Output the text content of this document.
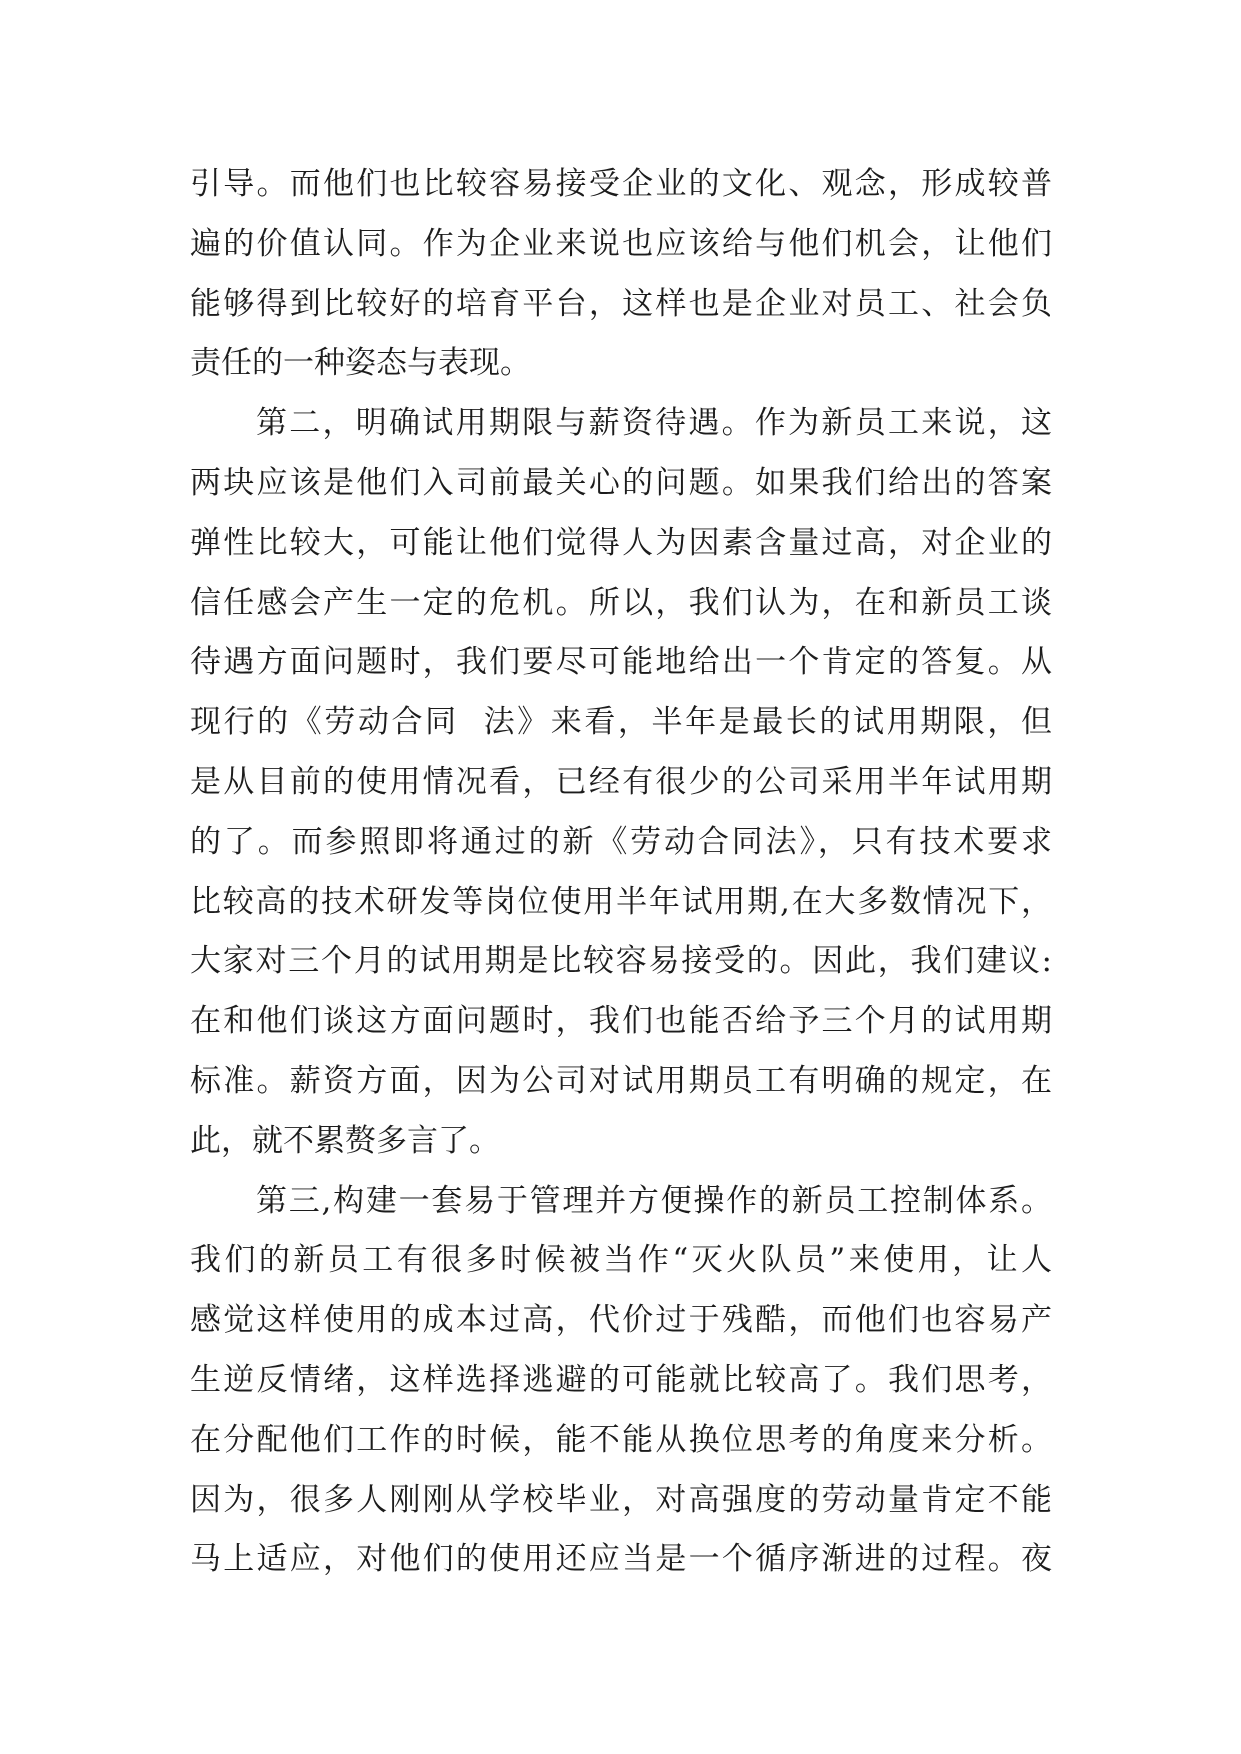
引导。而他们也比较容易接受企业的文化、观念，形成较普
遍的价值认同。作为企业来说也应该给与他们机会，让他们
能够得到比较好的培育平台，这样也是企业对员工、社会负
责任的一种姿态与表现。
第二，明确试用期限与薪资待遇。作为新员工来说，这
两块应该是他们入司前最关心的问题。如果我们给出的答案
弹性比较大，可能让他们觉得人为因素含量过高，对企业的
信任感会产生一定的危机。所以，我们认为，在和新员工谈
待遇方面问题时，我们要尽可能地给出一个肯定的答复。从
现行的《劳动合同  法》来看，半年是最长的试用期限，但
是从目前的使用情况看，已经有很少的公司采用半年试用期
的了。而参照即将通过的新《劳动合同法》，只有技术要求
比较高的技术研发等岗位使用半年试用期,在大多数情况下，
大家对三个月的试用期是比较容易接受的。因此，我们建议:
在和他们谈这方面问题时，我们也能否给予三个月的试用期
标准。薪资方面，因为公司对试用期员工有明确的规定，在
此，就不累赘多言了。
第三,构建一套易于管理并方便操作的新员工控制体系。
我们的新员工有很多时候被当作“灭火队员”来使用，让人
感觉这样使用的成本过高，代价过于残酷，而他们也容易产
生逆反情绪，这样选择逃避的可能就比较高了。我们思考，
在分配他们工作的时候，能不能从换位思考的角度来分析。
因为，很多人刚刚从学校毕业，对高强度的劳动量肯定不能
马上适应，对他们的使用还应当是一个循序渐进的过程。夜
